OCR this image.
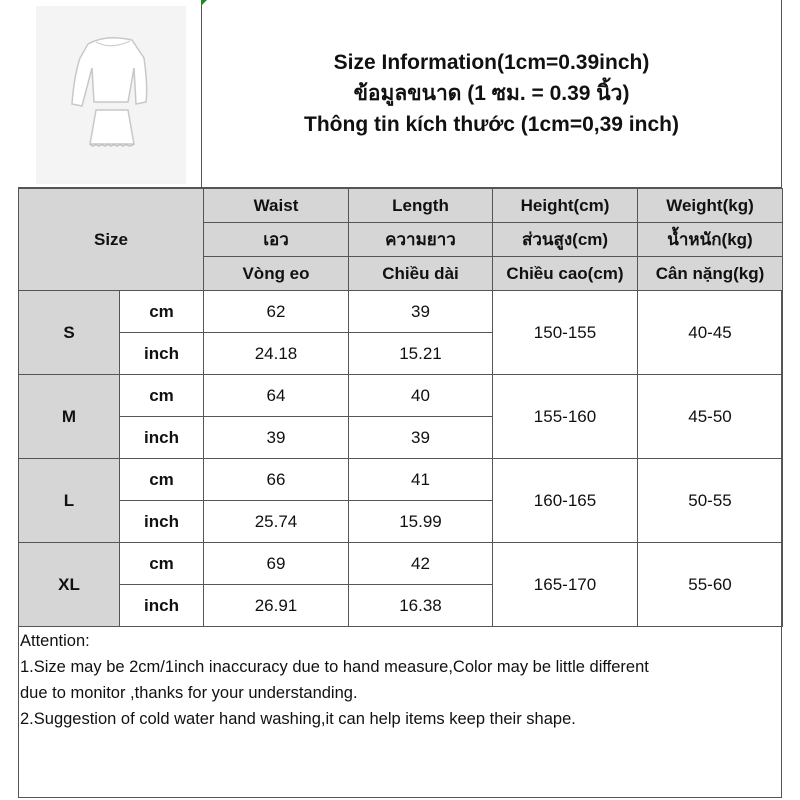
Size Information(1cm=0.39inch)
ข้อมูลขนาด (1 ซม. = 0.39 นิ้ว)
Thông tin kích thước (1cm=0,39 inch)
Size		Waist	Length	Height(cm)	Weight(kg)
		เอว	ความยาว	ส่วนสูง(cm)	น้ำหนัก(kg)
		Vòng eo	Chiều dài	Chiều cao(cm)	Cân nặng(kg)
S	cm	62	39	150-155	40-45
	inch	24.18	15.21		
M	cm	64	40	155-160	45-50
	inch	39	39		
L	cm	66	41	160-165	50-55
	inch	25.74	15.99		
XL	cm	69	42	165-170	55-60
	inch	26.91	16.38		
Attention:
1.Size may be 2cm/1inch inaccuracy due to hand measure,Color may be little different
due to monitor ,thanks for your understanding.
2.Suggestion of cold water hand washing,it can help items keep their shape.
